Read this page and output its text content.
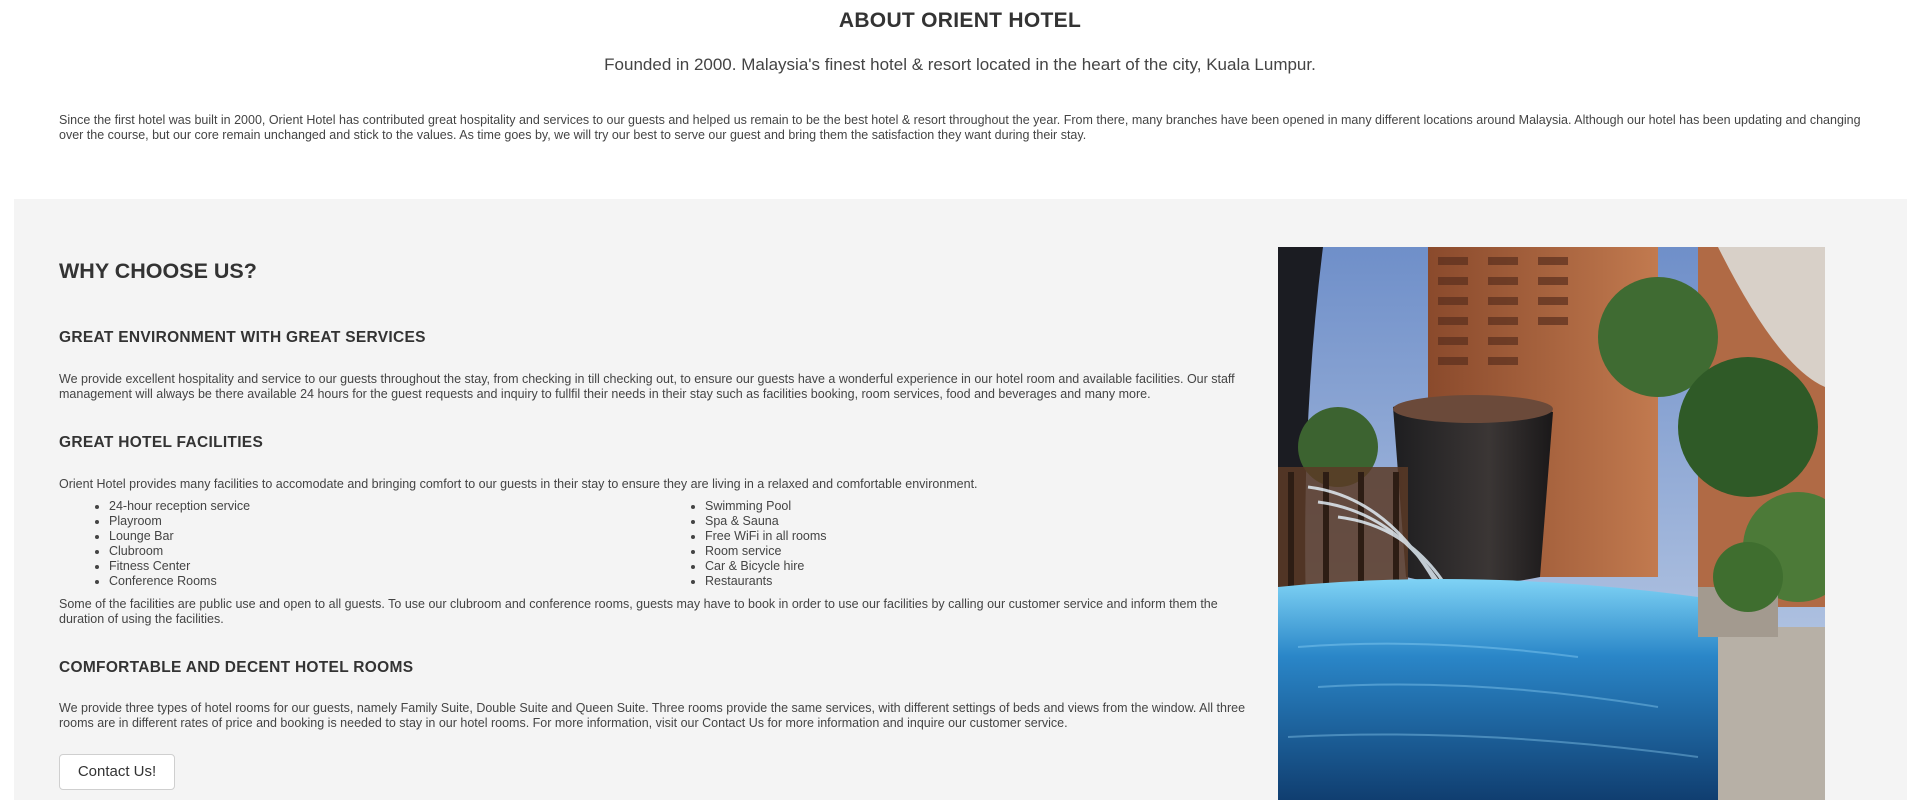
ABOUT ORIENT HOTEL

Founded in 2000. Malaysia's finest hotel & resort located in the heart of the city, Kuala Lumpur.

Since the first hotel was built in 2000, Orient Hotel has contributed great hospitality and services to our guests and helped us remain to be the best hotel & resort throughout the year. From there, many branches have been opened in many different locations around Malaysia. Although our hotel has been updating and changing over the course, but our core remain unchanged and stick to the values. As time goes by, we will try our best to serve our guest and bring them the satisfaction they want during their stay.

WHY CHOOSE US?
GREAT ENVIRONMENT WITH GREAT SERVICES

We provide excellent hospitality and service to our guests throughout the stay, from checking in till checking out, to ensure our guests have a wonderful experience in our hotel room and available facilities. Our staff management will always be there available 24 hours for the guest requests and inquiry to fullfil their needs in their stay such as facilities booking, room services, food and beverages and many more.

GREAT HOTEL FACILITIES

Orient Hotel provides many facilities to accomodate and bringing comfort to our guests in their stay to ensure they are living in a relaxed and comfortable environment.

• 24-hour reception service
• Playroom
• Lounge Bar
• Clubroom
• Fitness Center
• Conference Rooms
• Swimming Pool
• Spa & Sauna
• Free WiFi in all rooms
• Room service
• Car & Bicycle hire
• Restaurants

Some of the facilities are public use and open to all guests. To use our clubroom and conference rooms, guests may have to book in order to use our facilities by calling our customer service and inform them the duration of using the facilities.

COMFORTABLE AND DECENT HOTEL ROOMS

We provide three types of hotel rooms for our guests, namely Family Suite, Double Suite and Queen Suite. Three rooms provide the same services, with different settings of beds and views from the window. All three rooms are in different rates of price and booking is needed to stay in our hotel rooms. For more information, visit our Contact Us for more information and inquire our customer service.

Contact Us!
